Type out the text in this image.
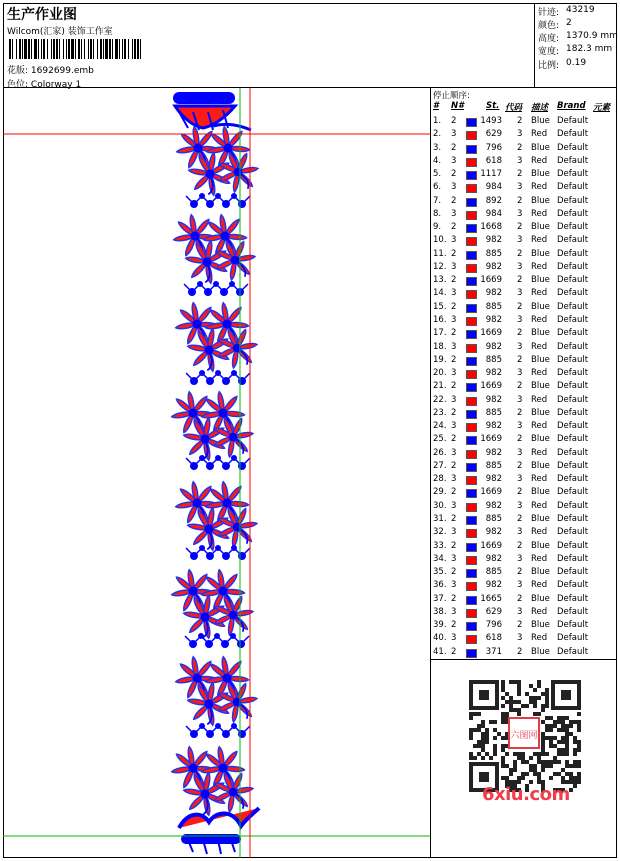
生产作业图
Wilcom(汇家) 装饰工作室
花版: 1692699.emb
色位: Colorway 1
针迹: 43219
颜色: 2
高度: 1370.9 mm
宽度: 182.3 mm
比例: 0.19
停止顺序:
# N#	St. 代码 描述 Brand 元素
1. 2	1493 2 Blue Default
2. 3	629 3 Red Default
3. 2	796 2 Blue Default
4. 3	618 3 Red Default
5. 2	1117 2 Blue Default
6. 3	984 3 Red Default
7. 2	892 2 Blue Default
8. 3	984 3 Red Default
9. 2	1668 2 Blue Default
10. 3	982 3 Red Default
11. 2	885 2 Blue Default
12. 3	982 3 Red Default
13. 2	1669 2 Blue Default
14. 3	982 3 Red Default
15. 2	885 2 Blue Default
16. 3	982 3 Red Default
17. 2	1669 2 Blue Default
18. 3	982 3 Red Default
19. 2	885 2 Blue Default
20. 3	982 3 Red Default
21. 2	1669 2 Blue Default
22. 3	982 3 Red Default
23. 2	885 2 Blue Default
24. 3	982 3 Red Default
25. 2	1669 2 Blue Default
26. 3	982 3 Red Default
27. 2	885 2 Blue Default
28. 3	982 3 Red Default
29. 2	1669 2 Blue Default
30. 3	982 3 Red Default
31. 2	885 2 Blue Default
32. 3	982 3 Red Default
33. 2	1669 2 Blue Default
34. 3	982 3 Red Default
35. 2	885 2 Blue Default
36. 3	982 3 Red Default
37. 2	1665 2 Blue Default
38. 3	629 3 Red Default
39. 2	796 2 Blue Default
40. 3	618 3 Red Default
41. 2	371 2 Blue Default
六图网
6xiu.com
